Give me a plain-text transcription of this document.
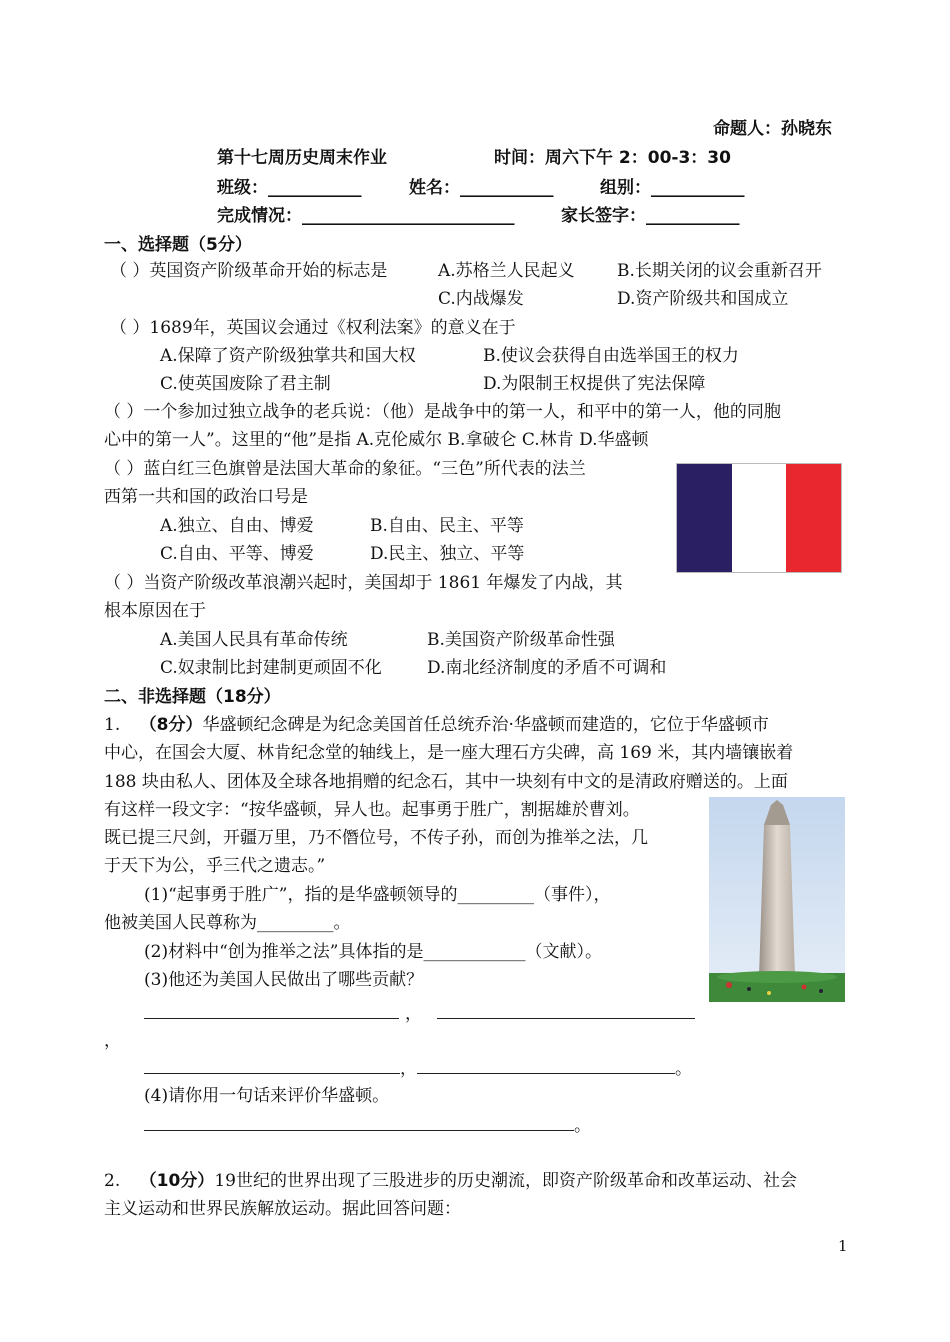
命题人：孙晓东
第十七周历史周末作业	时间：周六下午 2：00-3：30
班级：___________	姓名：___________	组别：___________
完成情况：_________________________	家长签字：___________
一、选择题（5分）
（ ）英国资产阶级革命开始的标志是	A.苏格兰人民起义 B.长期关闭的议会重新召开
C.内战爆发	D.资产阶级共和国成立
（ ）1689年，英国议会通过《权利法案》的意义在于
A.保障了资产阶级独掌共和国大权	B.使议会获得自由选举国王的权力
C.使英国废除了君主制	D.为限制王权提供了宪法保障
（ ）一个参加过独立战争的老兵说：（他）是战争中的第一人，和平中的第一人，他的同胞
心中的第一人”。这里的“他”是指 A.克伦威尔 B.拿破仑 C.林肯 D.华盛顿
（ ）蓝白红三色旗曾是法国大革命的象征。“三色”所代表的法兰
西第一共和国的政治口号是
A.独立、自由、博爱	B.自由、民主、平等
C.自由、平等、博爱	D.民主、独立、平等
（ ）当资产阶级改革浪潮兴起时，美国却于 1861 年爆发了内战，其
根本原因在于
A.美国人民具有革命传统	B.美国资产阶级革命性强
C.奴隶制比封建制更顽固不化	D.南北经济制度的矛盾不可调和
二、非选择题（18分）
1. （8分）华盛顿纪念碑是为纪念美国首任总统乔治·华盛顿而建造的，它位于华盛顿市
中心，在国会大厦、林肯纪念堂的轴线上，是一座大理石方尖碑，高 169 米，其内墙镶嵌着
188 块由私人、团体及全球各地捐赠的纪念石，其中一块刻有中文的是清政府赠送的。上面
有这样一段文字：“按华盛顿，异人也。起事勇于胜广，割据雄於曹刘。
既已提三尺剑，开疆万里，乃不僭位号，不传子孙，而创为推举之法，几
于天下为公，乎三代之遗志。”
(1)“起事勇于胜广”，指的是华盛顿领导的_________（事件），
他被美国人民尊称为_________。
(2)材料中“创为推举之法”具体指的是____________（文献）。
(3)他还为美国人民做出了哪些贡献？
，
，
，	。
(4)请你用一句话来评价华盛顿。
。
2. （10分）19世纪的世界出现了三股进步的历史潮流，即资产阶级革命和改革运动、社会
主义运动和世界民族解放运动。据此回答问题：
1
